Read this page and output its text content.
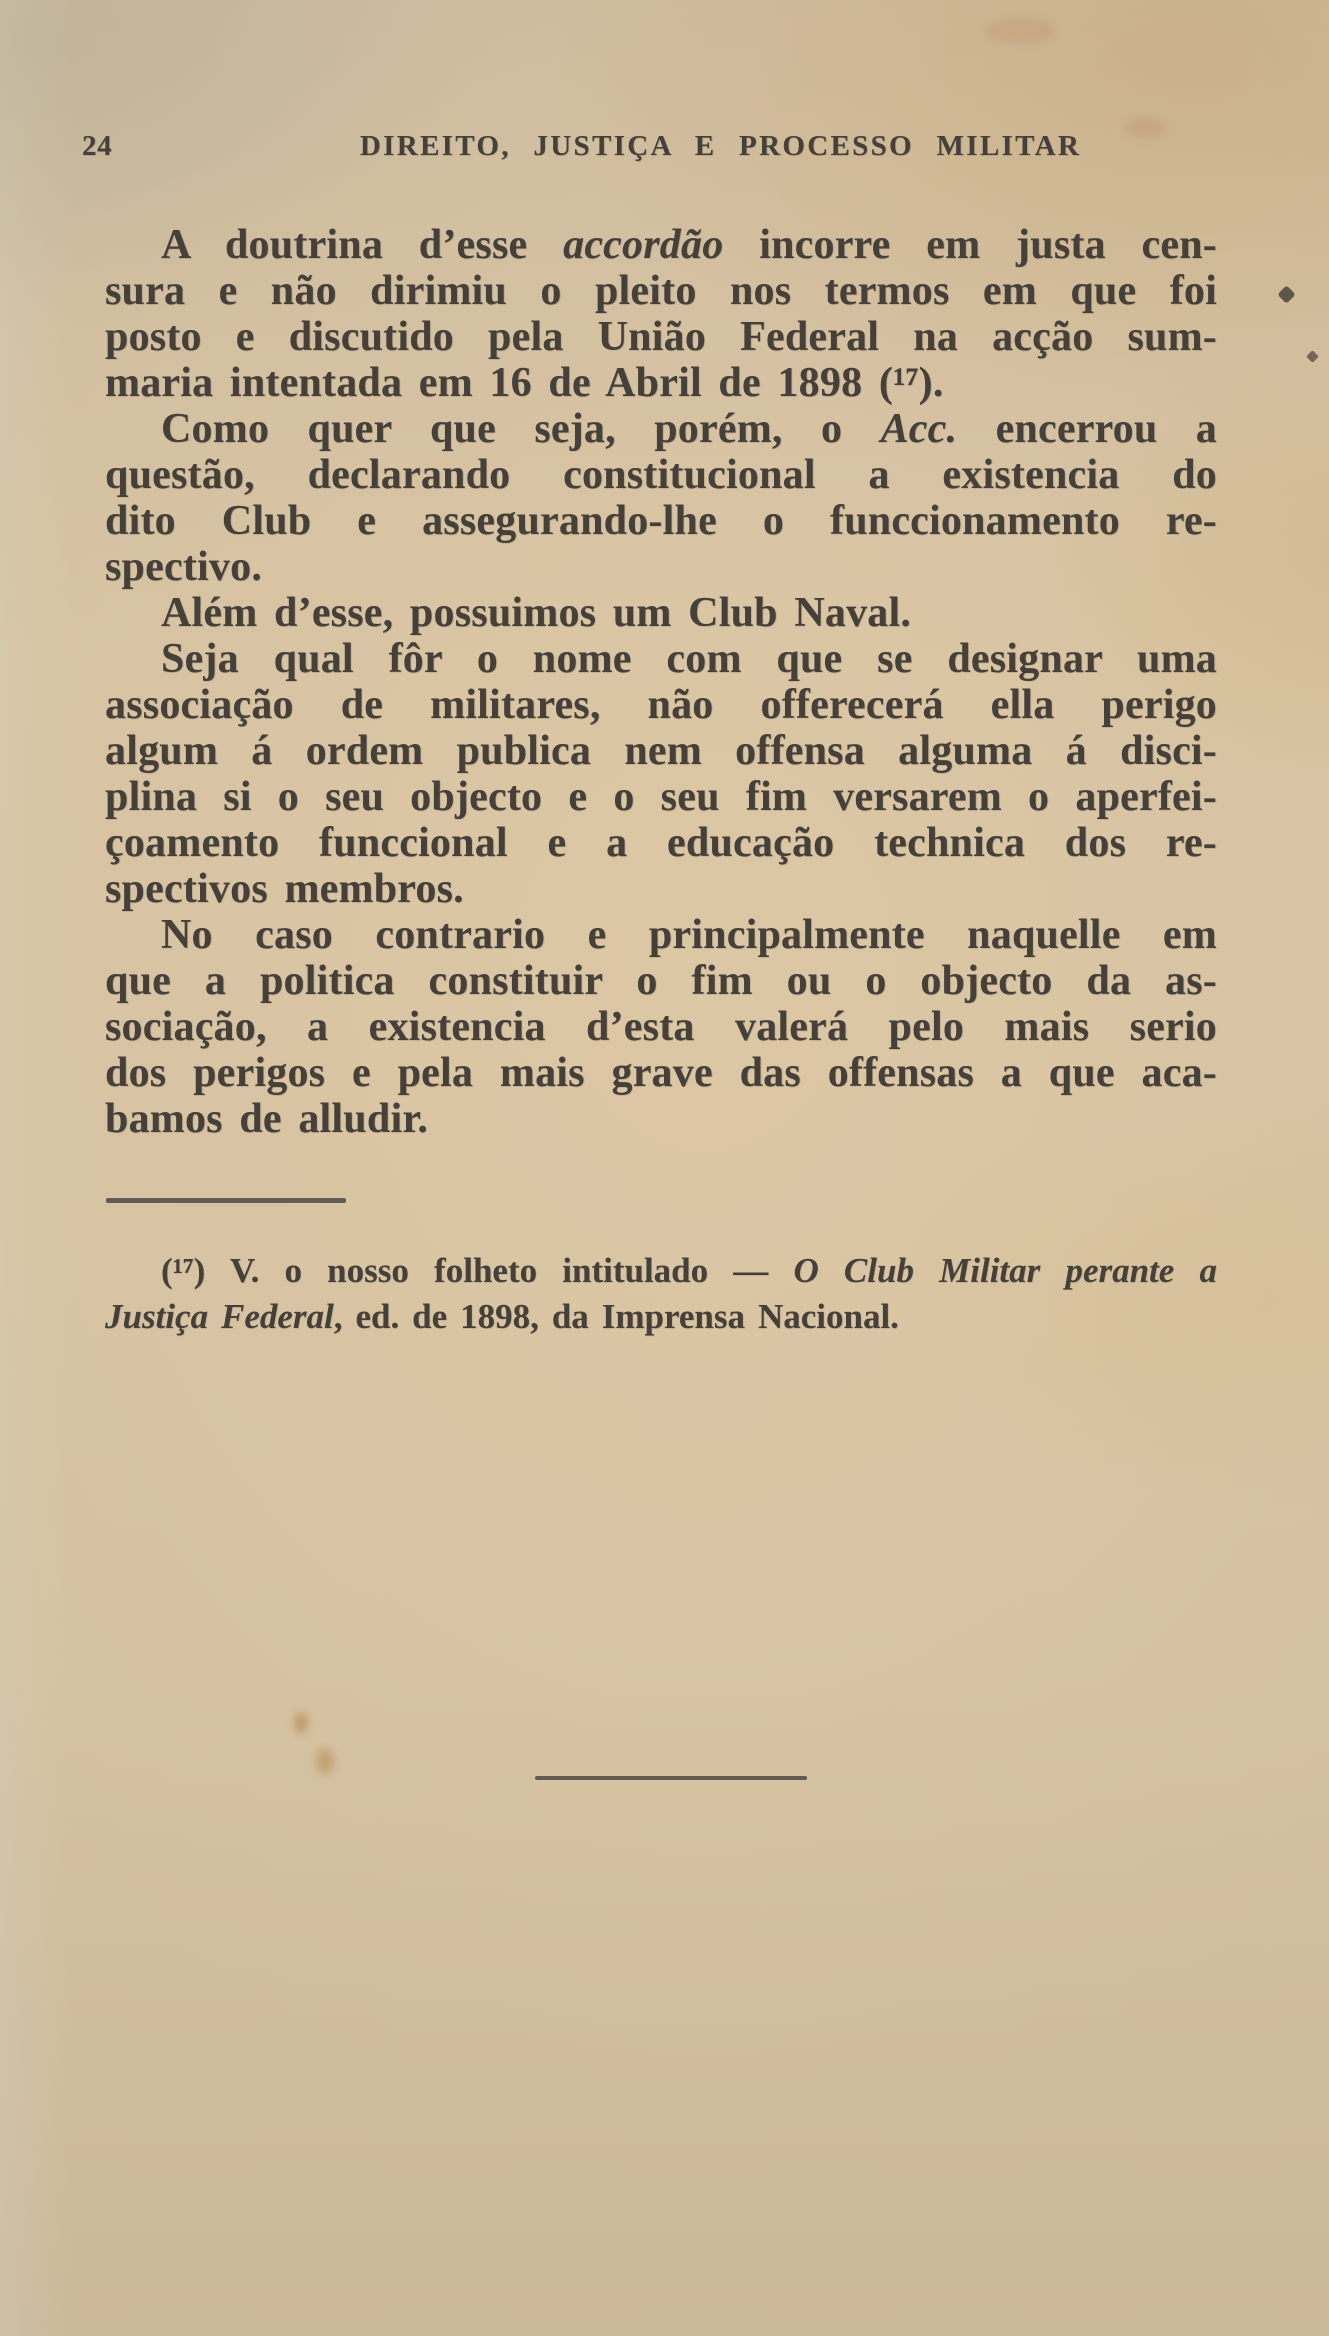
24	DIREITO, JUSTIÇA E PROCESSO MILITAR
A doutrina d’esse accordão incorre em justa cen-
sura e não dirimiu o pleito nos termos em que foi
posto e discutido pela União Federal na acção sum-
maria intentada em 16 de Abril de 1898 (¹⁷).
Como quer que seja, porém, o Acc. encerrou a
questão, declarando constitucional a existencia do
dito Club e assegurando-lhe o funccionamento re-
spectivo.
Além d’esse, possuimos um Club Naval.
Seja qual fôr o nome com que se designar uma
associação de militares, não offerecerá ella perigo
algum á ordem publica nem offensa alguma á disci-
plina si o seu objecto e o seu fim versarem o aperfei-
çoamento funccional e a educação technica dos re-
spectivos membros.
No caso contrario e principalmente naquelle em
que a politica constituir o fim ou o objecto da as-
sociação, a existencia d’esta valerá pelo mais serio
dos perigos e pela mais grave das offensas a que aca-
bamos de alludir.
(¹⁷) V. o nosso folheto intitulado — O Club Militar perante a
Justiça Federal, ed. de 1898, da Imprensa Nacional.
